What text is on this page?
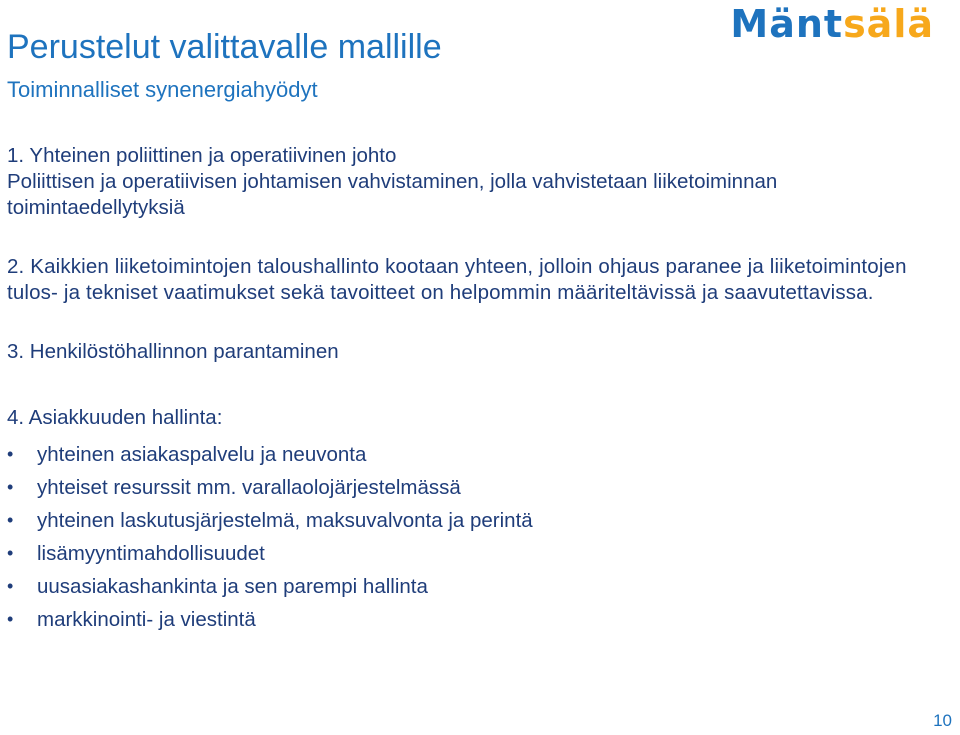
Mäntsälä
Perustelut valittavalle mallille
Toiminnalliset synenergiahyödyt
1. Yhteinen poliittinen ja operatiivinen johto
Poliittisen ja operatiivisen johtamisen vahvistaminen, jolla vahvistetaan liiketoiminnan toimintaedellytyksiä
2. Kaikkien liiketoimintojen taloushallinto kootaan yhteen, jolloin ohjaus paranee ja liiketoimintojen tulos- ja tekniset vaatimukset sekä tavoitteet on helpommin määriteltävissä ja saavutettavissa.
3. Henkilöstöhallinnon parantaminen
4. Asiakkuuden hallinta:
• yhteinen asiakaspalvelu ja neuvonta
• yhteiset resurssit mm. varallaolojärjestelmässä
• yhteinen laskutusjärjestelmä, maksuvalvonta ja perintä
• lisämyyntimahdollisuudet
• uusasiakashankinta ja sen parempi hallinta
• markkinointi- ja viestintä
10
